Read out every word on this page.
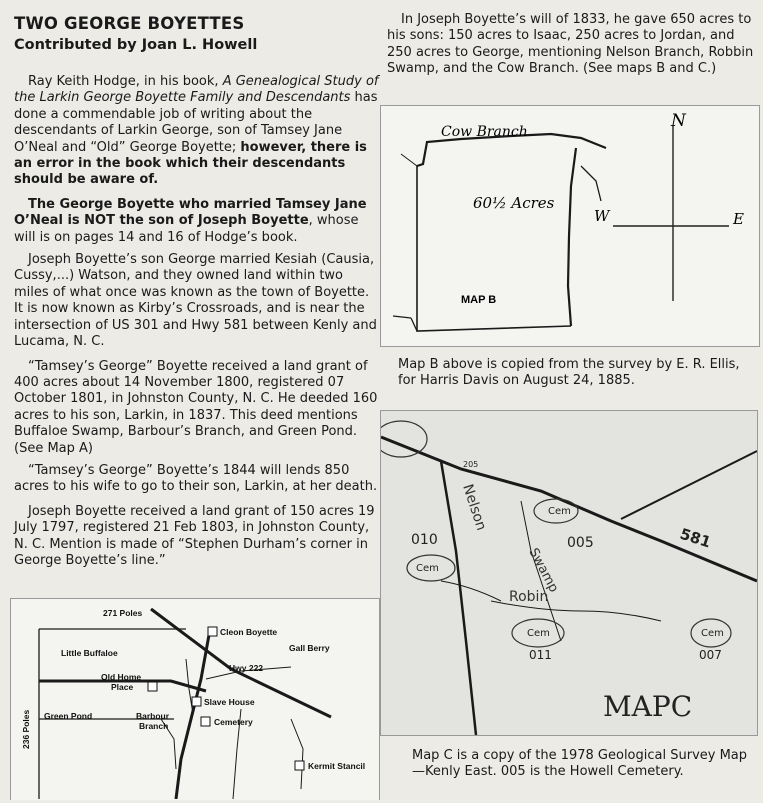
TWO GEORGE BOYETTES
Contributed by Joan L. Howell

Ray Keith Hodge, in his book, A Genealogical Study of the Larkin George Boyette Family and Descendants has done a commendable job of writing about the descendants of Larkin George, son of Tamsey Jane O’Neal and “Old” George Boyette; however, there is an error in the book which their descendants should be aware of.

The George Boyette who married Tamsey Jane O’Neal is NOT the son of Joseph Boyette, whose will is on pages 14 and 16 of Hodge’s book.

Joseph Boyette’s son George married Kesiah (Causia, Cussy,...) Watson, and they owned land within two miles of what once was known as the town of Boyette. It is now known as Kirby’s Crossroads, and is near the intersection of US 301 and Hwy 581 between Kenly and Lucama, N. C.

“Tamsey’s George” Boyette received a land grant of 400 acres about 14 November 1800, registered 07 October 1801, in Johnston County, N. C. He deeded 160 acres to his son, Larkin, in 1837. This deed mentions Buffaloe Swamp, Barbour’s Branch, and Green Pond. (See Map A)

“Tamsey’s George” Boyette’s 1844 will lends 850 acres to his wife to go to their son, Larkin, at her death.

Joseph Boyette received a land grant of 150 acres 19 July 1797, registered 21 Feb 1803, in Johnston County, N. C. Mention is made of “Stephen Durham’s corner in George Boyette’s line.”

In Joseph Boyette’s will of 1833, he gave 650 acres to his sons: 150 acres to Isaac, 250 acres to Jordan, and 250 acres to George, mentioning Nelson Branch, Robbin Swamp, and the Cow Branch. (See maps B and C.)
Cow Branch
60½ Acres
MAP B
N
W	E
Map B above is copied from the survey by E. R. Ellis, for Harris Davis on August 24, 1885.
581
Nelson
Swamp
Robin
Cem
Cem
Cem	Cem
010	005
011	007
205
MAPC
Map C is a copy of the 1978 Geological Survey Map—Kenly East. 005 is the Howell Cemetery.
271 Poles
Cleon Boyette
Little Buffaloe	Gall Berry
Hwy 222
Old Home
Place
Slave House
Green Pond	Barbour
Branch	Cemetery
Kermit Stancil
236 Poles
